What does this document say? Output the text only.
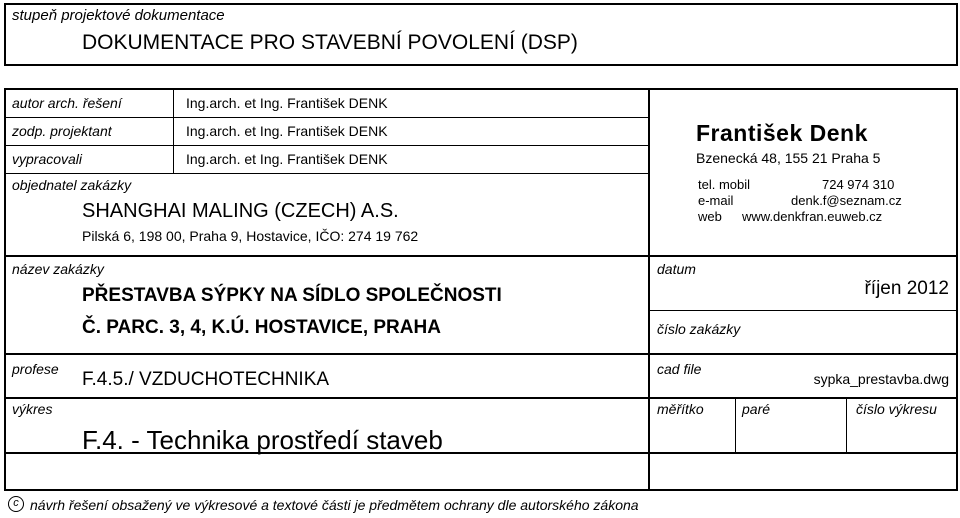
stupeň projektové dokumentace
DOKUMENTACE PRO STAVEBNÍ POVOLENÍ (DSP)
autor arch. řešení	Ing.arch. et Ing. František DENK
zodp. projektant	Ing.arch. et Ing. František DENK
vypracovali	Ing.arch. et Ing. František DENK
objednatel zakázky
SHANGHAI MALING (CZECH) A.S.
Pilská 6, 198 00, Praha 9, Hostavice, IČO: 274 19 762
František Denk
Bzenecká 48, 155 21 Praha 5
tel. mobil	724 974 310
e-mail	denk.f@seznam.cz
web www.denkfran.euweb.cz
název zakázky
PŘESTAVBA SÝPKY NA SÍDLO SPOLEČNOSTI
Č. PARC. 3, 4, K.Ú. HOSTAVICE, PRAHA
datum
říjen 2012
číslo zakázky
profese F.4.5./ VZDUCHOTECHNIKA	cad file
sypka_prestavba.dwg
výkres
F.4. - Technika prostředí staveb
měřítko	paré	číslo výkresu
c návrh řešení obsažený ve výkresové a textové části je předmětem ochrany dle autorského zákona
